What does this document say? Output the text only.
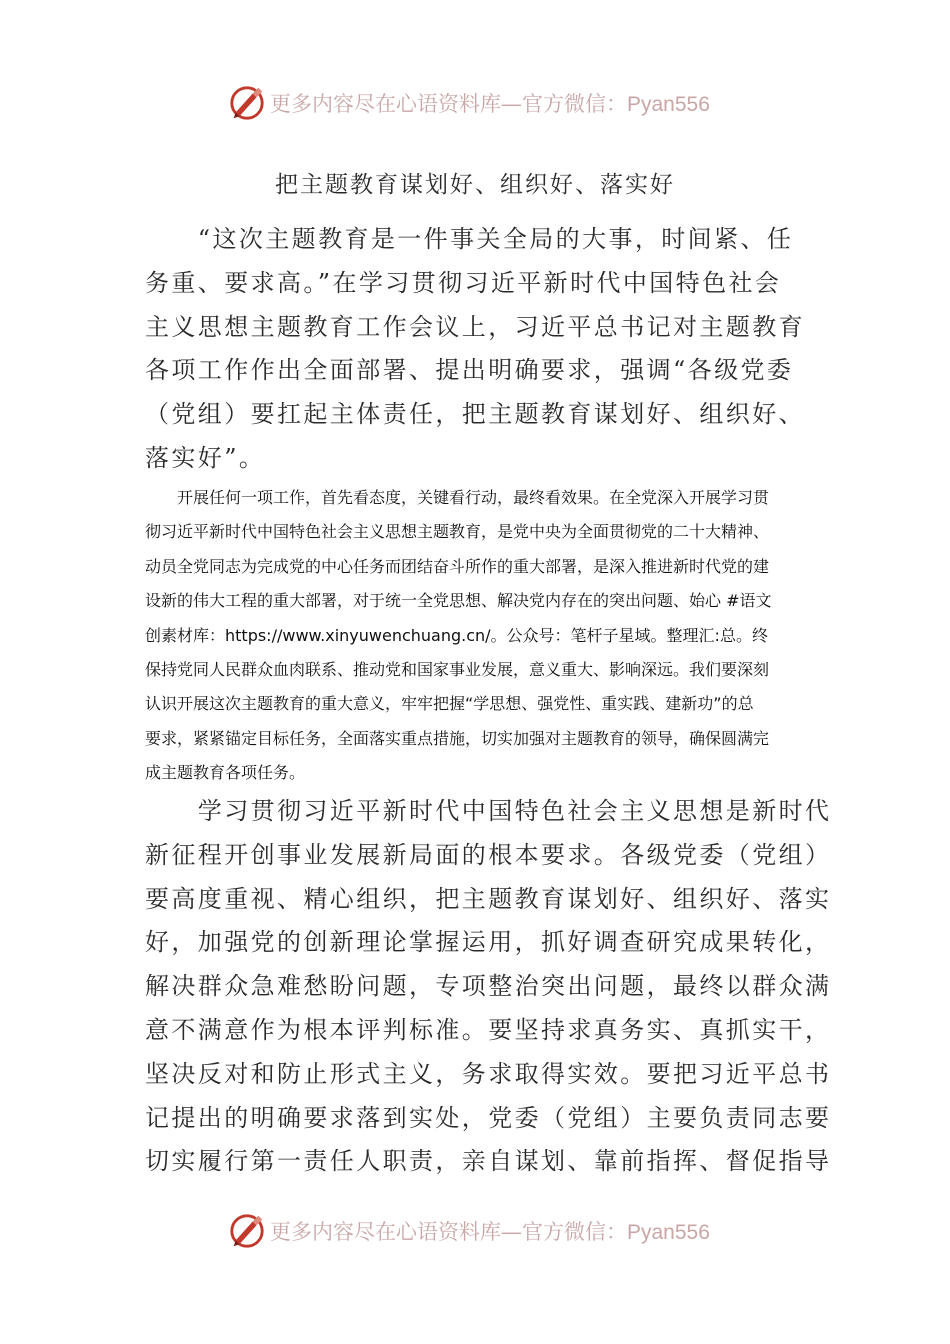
更多内容尽在心语资料库—官方微信：Pyan556
把主题教育谋划好、组织好、落实好
　　“这次主题教育是一件事关全局的大事，时间紧、任
务重、要求高。”在学习贯彻习近平新时代中国特色社会
主义思想主题教育工作会议上，习近平总书记对主题教育
各项工作作出全面部署、提出明确要求，强调“各级党委
（党组）要扛起主体责任，把主题教育谋划好、组织好、
落实好”。
　　开展任何一项工作，首先看态度，关键看行动，最终看效果。在全党深入开展学习贯
彻习近平新时代中国特色社会主义思想主题教育，是党中央为全面贯彻党的二十大精神、
动员全党同志为完成党的中心任务而团结奋斗所作的重大部署，是深入推进新时代党的建
设新的伟大工程的重大部署，对于统一全党思想、解决党内存在的突出问题、始心 #语文
创素材库：https://www.xinyuwenchuang.cn/。公众号：笔杆子星域。整理汇:总。终
保持党同人民群众血肉联系、推动党和国家事业发展，意义重大、影响深远。我们要深刻
认识开展这次主题教育的重大意义，牢牢把握“学思想、强党性、重实践、建新功”的总
要求，紧紧锚定目标任务，全面落实重点措施，切实加强对主题教育的领导，确保圆满完
成主题教育各项任务。
　　学习贯彻习近平新时代中国特色社会主义思想是新时代
新征程开创事业发展新局面的根本要求。各级党委（党组）
要高度重视、精心组织，把主题教育谋划好、组织好、落实
好，加强党的创新理论掌握运用，抓好调查研究成果转化，
解决群众急难愁盼问题，专项整治突出问题，最终以群众满
意不满意作为根本评判标准。要坚持求真务实、真抓实干，
坚决反对和防止形式主义，务求取得实效。要把习近平总书
记提出的明确要求落到实处，党委（党组）主要负责同志要
切实履行第一责任人职责，亲自谋划、靠前指挥、督促指导
更多内容尽在心语资料库—官方微信：Pyan556
